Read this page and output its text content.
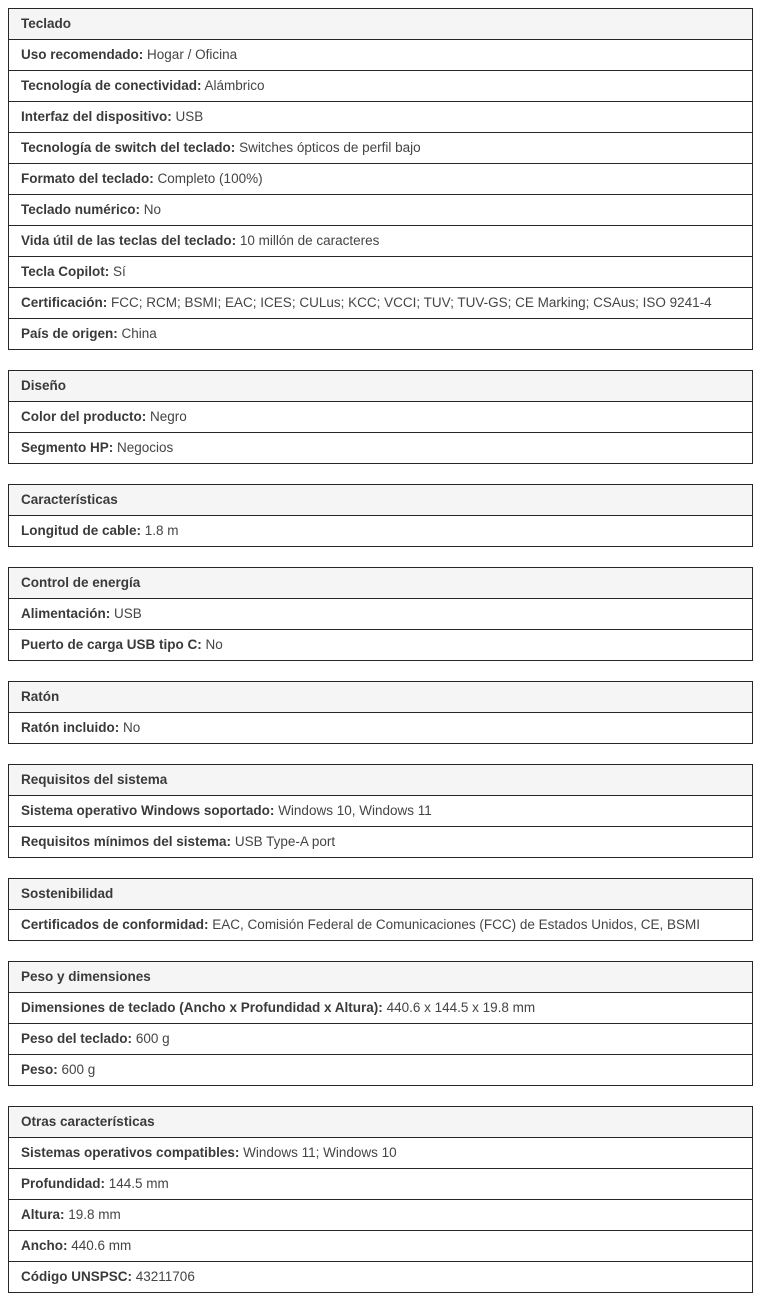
Teclado
Uso recomendado: Hogar / Oficina
Tecnología de conectividad: Alámbrico
Interfaz del dispositivo: USB
Tecnología de switch del teclado: Switches ópticos de perfil bajo
Formato del teclado: Completo (100%)
Teclado numérico: No
Vida útil de las teclas del teclado: 10 millón de caracteres
Tecla Copilot: Sí
Certificación: FCC; RCM; BSMI; EAC; ICES; CULus; KCC; VCCI; TUV; TUV-GS; CE Marking; CSAus; ISO 9241-4
País de origen: China
Diseño
Color del producto: Negro
Segmento HP: Negocios
Características
Longitud de cable: 1.8 m
Control de energía
Alimentación: USB
Puerto de carga USB tipo C: No
Ratón
Ratón incluido: No
Requisitos del sistema
Sistema operativo Windows soportado: Windows 10, Windows 11
Requisitos mínimos del sistema: USB Type-A port
Sostenibilidad
Certificados de conformidad: EAC, Comisión Federal de Comunicaciones (FCC) de Estados Unidos, CE, BSMI
Peso y dimensiones
Dimensiones de teclado (Ancho x Profundidad x Altura): 440.6 x 144.5 x 19.8 mm
Peso del teclado: 600 g
Peso: 600 g
Otras características
Sistemas operativos compatibles: Windows 11; Windows 10
Profundidad: 144.5 mm
Altura: 19.8 mm
Ancho: 440.6 mm
Código UNSPSC: 43211706
